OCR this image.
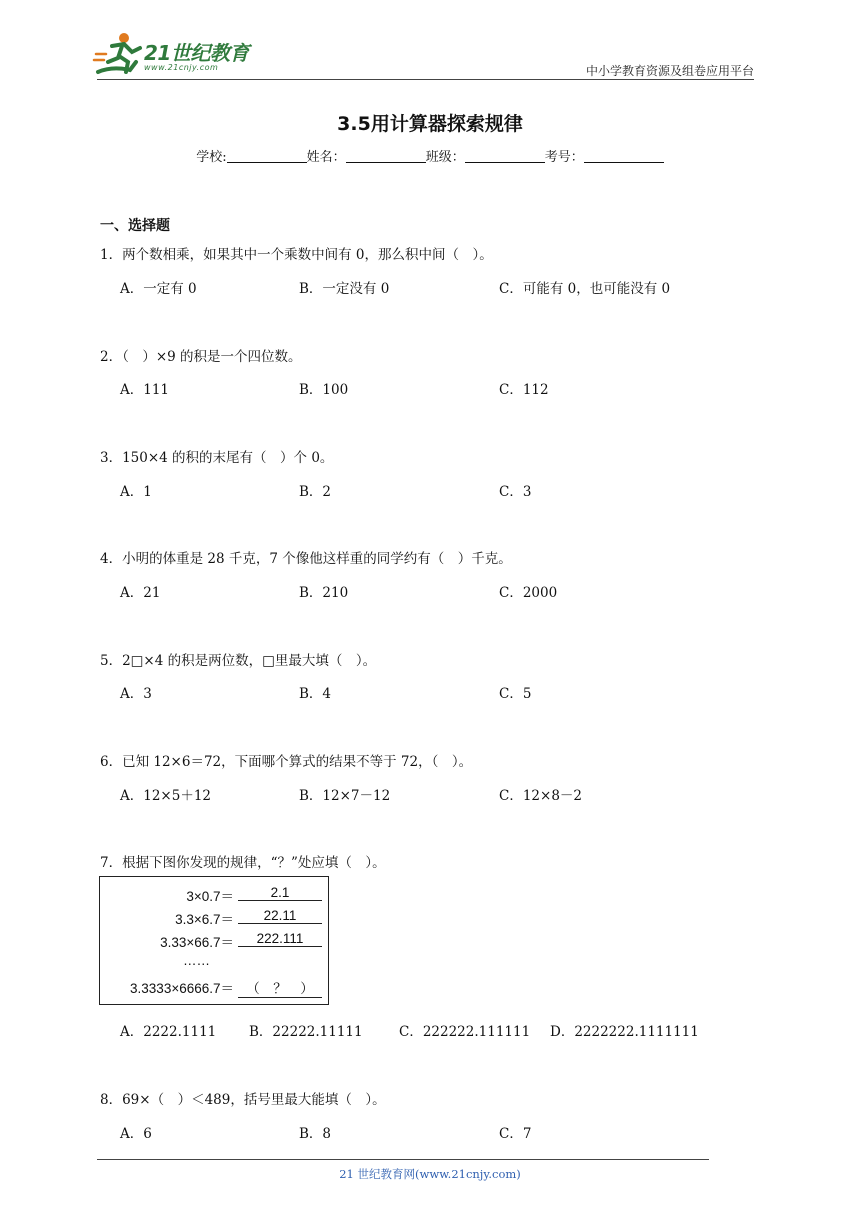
21世纪教育
www.21cnjy.com	中小学教育资源及组卷应用平台
3.5用计算器探索规律
学校:	姓名：	班级：	考号：
一、选择题
1．两个数相乘，如果其中一个乘数中间有 0，那么积中间（　）。
A．一定有 0	B．一定没有 0	C．可能有 0，也可能没有 0
2．（　）×9 的积是一个四位数。
A．111	B．100	C．112
3．150×4 的积的末尾有（　）个 0。
A．1	B．2	C．3
4．小明的体重是 28 千克，7 个像他这样重的同学约有（　）千克。
A．21	B．210	C．2000
5．2□×4 的积是两位数，□里最大填（　）。
A．3	B．4	C．5
6．已知 12×6＝72，下面哪个算式的结果不等于 72，（　）。
A．12×5＋12	B．12×7－12	C．12×8－2
7．根据下图你发现的规律，“？”处应填（　）。
3×0.7＝	2.1
3.3×6.7＝	22.11
3.33×66.7＝	222.111
……
3.3333×6666.7＝ （　？　）
A．2222.1111 B．22222.11111	C．222222.111111 D．2222222.1111111
8．69×（　）＜489，括号里最大能填（　）。
A．6	B．8	C．7
21 世纪教育网(www.21cnjy.com)
